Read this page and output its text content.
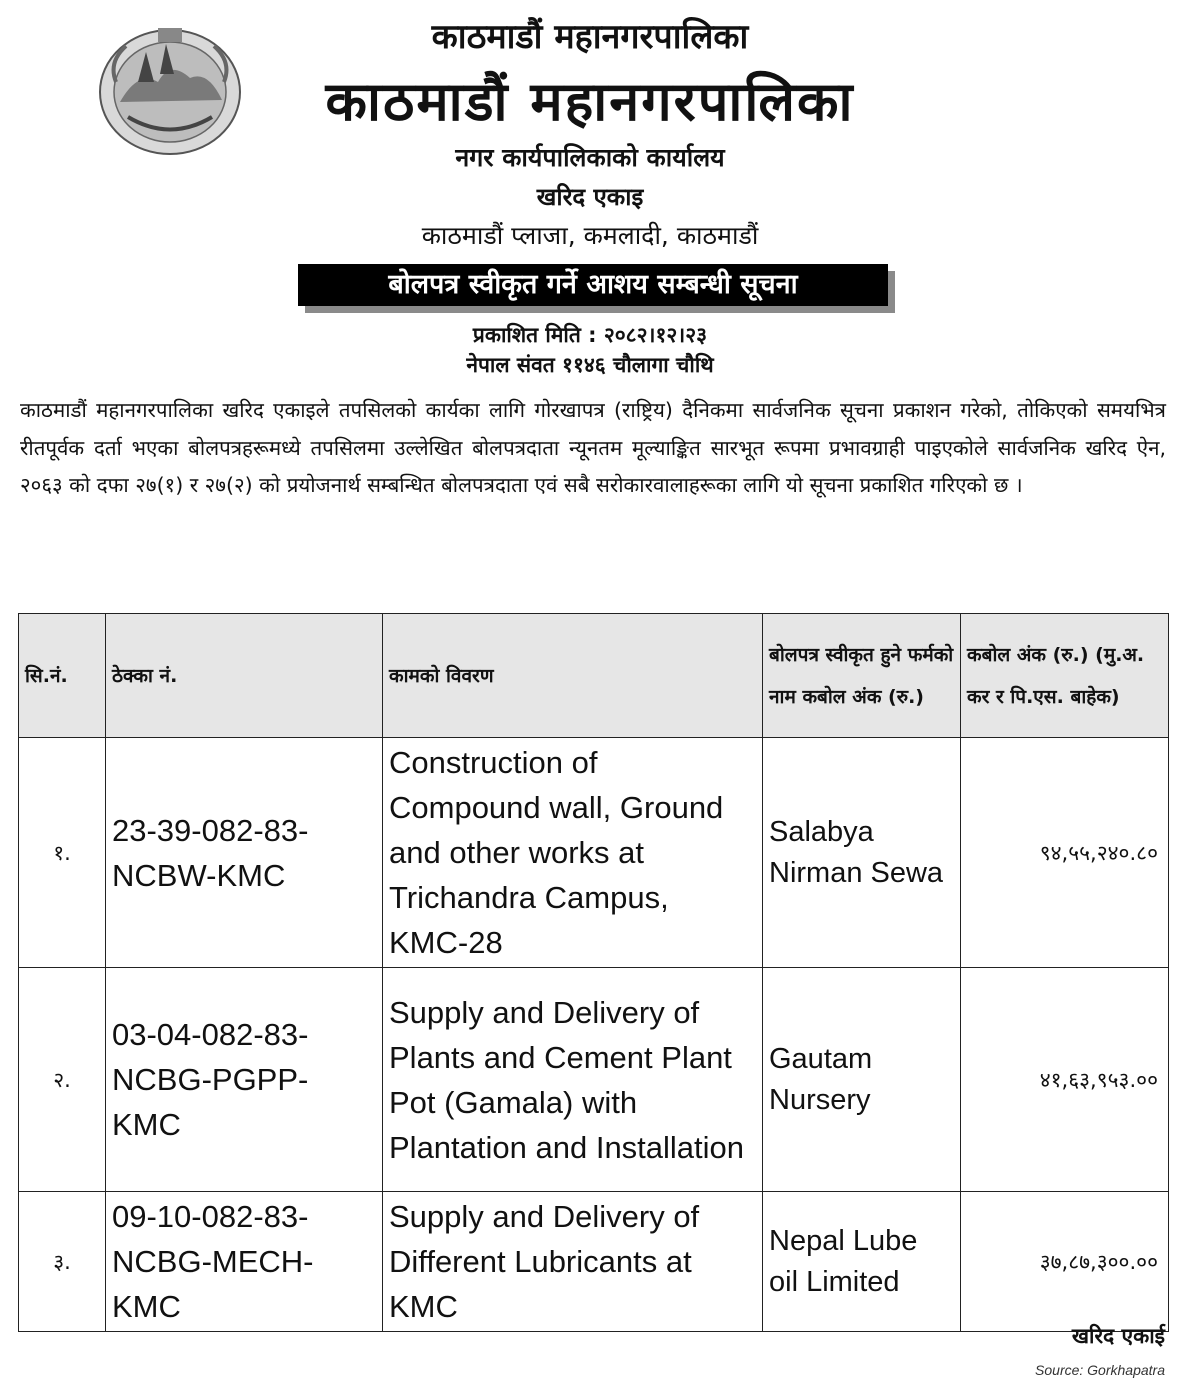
काठमाडौं महानगरपालिका
काठमाडौं महानगरपालिका
नगर कार्यपालिकाको कार्यालय
खरिद एकाइ
काठमाडौं प्लाजा, कमलादी, काठमाडौं
बोलपत्र स्वीकृत गर्ने आशय सम्बन्धी सूचना
प्रकाशित मिति : २०८२।१२।२३
नेपाल संवत ११४६ चौलागा चौथि
काठमाडौं महानगरपालिका खरिद एकाइले तपसिलको कार्यका लागि गोरखापत्र (राष्ट्रिय) दैनिकमा सार्वजनिक सूचना प्रकाशन गरेको, तोकिएको समयभित्र रीतपूर्वक दर्ता भएका बोलपत्रहरूमध्ये तपसिलमा उल्लेखित बोलपत्रदाता न्यूनतम मूल्याङ्कित सारभूत रूपमा प्रभावग्राही पाइएकोले सार्वजनिक खरिद ऐन, २०६३ को दफा २७(१) र २७(२) को प्रयोजनार्थ सम्बन्धित बोलपत्रदाता एवं सबै सरोकारवालाहरूका लागि यो सूचना प्रकाशित गरिएको छ ।
सि.नं.	ठेक्का नं.	कामको विवरण	बोलपत्र स्वीकृत हुने फर्मको नाम कबोल अंक (रु.)	कबोल अंक (रु.) (मु.अ. कर र पि.एस. बाहेक)
१.	23-39-082-83-NCBW-KMC	Construction of Compound wall, Ground and other works at Trichandra Campus, KMC-28	Salabya Nirman Sewa	९४,५५,२४०.८०
२.	03-04-082-83-NCBG-PGPP-KMC	Supply and Delivery of Plants and Cement Plant Pot (Gamala) with Plantation and Installation	Gautam Nursery	४१,६३,९५३.००
३.	09-10-082-83-NCBG-MECH-KMC	Supply and Delivery of Different Lubricants at KMC	Nepal Lube oil Limited	३७,८७,३००.००
खरिद एकाई
Source: Gorkhapatra
